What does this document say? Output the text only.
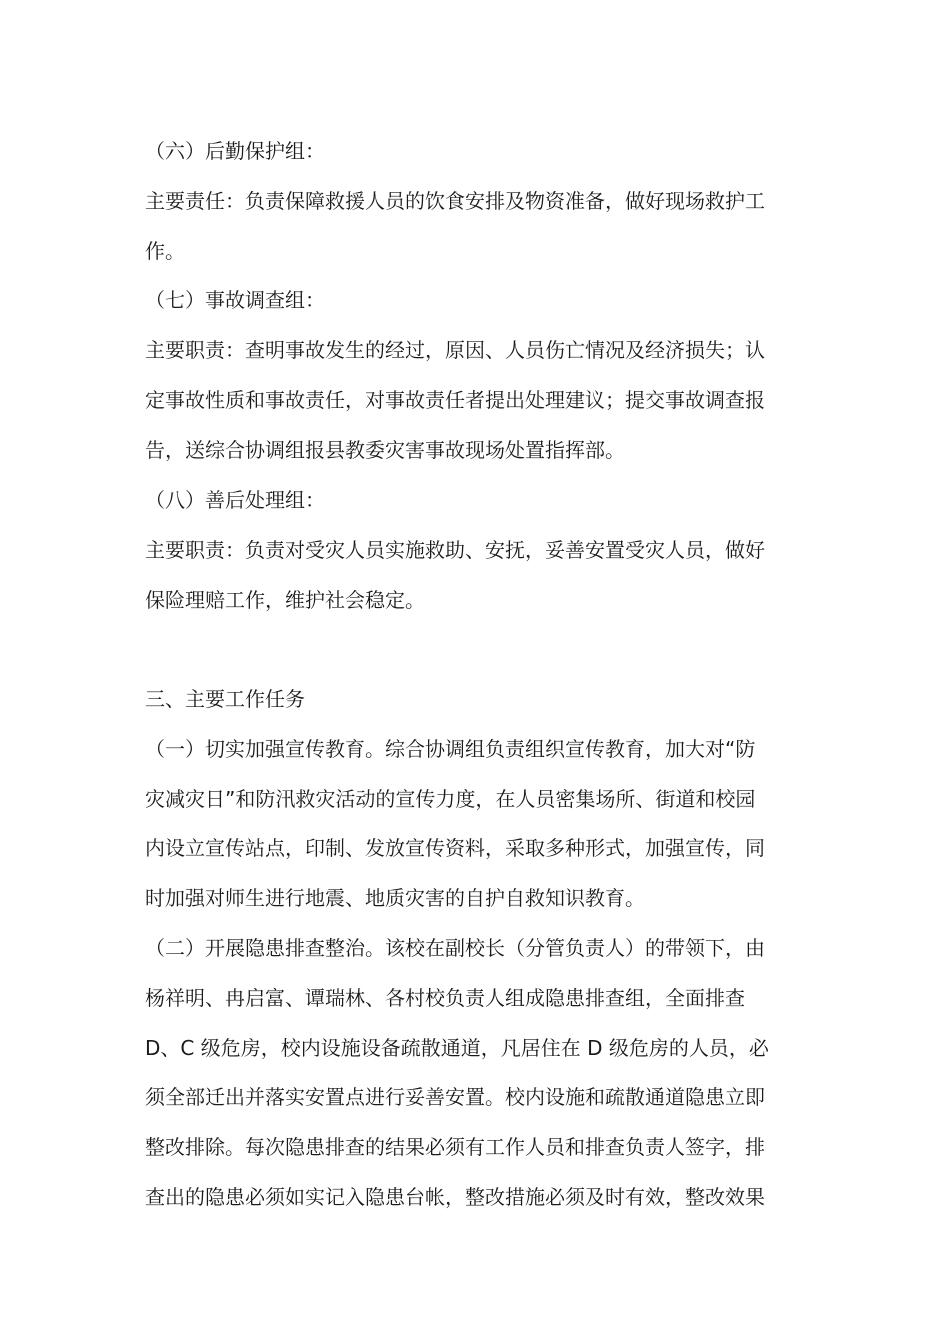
（六）后勤保护组：
主要责任：负责保障救援人员的饮食安排及物资准备，做好现场救护工
作。
（七）事故调查组：
主要职责：查明事故发生的经过，原因、人员伤亡情况及经济损失；认
定事故性质和事故责任，对事故责任者提出处理建议；提交事故调查报
告，送综合协调组报县教委灾害事故现场处置指挥部。
（八）善后处理组：
主要职责：负责对受灾人员实施救助、安抚，妥善安置受灾人员，做好
保险理赔工作，维护社会稳定。
三、主要工作任务
（一）切实加强宣传教育。综合协调组负责组织宣传教育，加大对“防
灾减灾日”和防汛救灾活动的宣传力度，在人员密集场所、街道和校园
内设立宣传站点，印制、发放宣传资料，采取多种形式，加强宣传，同
时加强对师生进行地震、地质灾害的自护自救知识教育。
（二）开展隐患排查整治。该校在副校长（分管负责人）的带领下，由
杨祥明、冉启富、谭瑞林、各村校负责人组成隐患排查组，全面排查
D、C 级危房，校内设施设备疏散通道，凡居住在 D 级危房的人员，必
须全部迁出并落实安置点进行妥善安置。校内设施和疏散通道隐患立即
整改排除。每次隐患排查的结果必须有工作人员和排查负责人签字，排
查出的隐患必须如实记入隐患台帐，整改措施必须及时有效，整改效果
